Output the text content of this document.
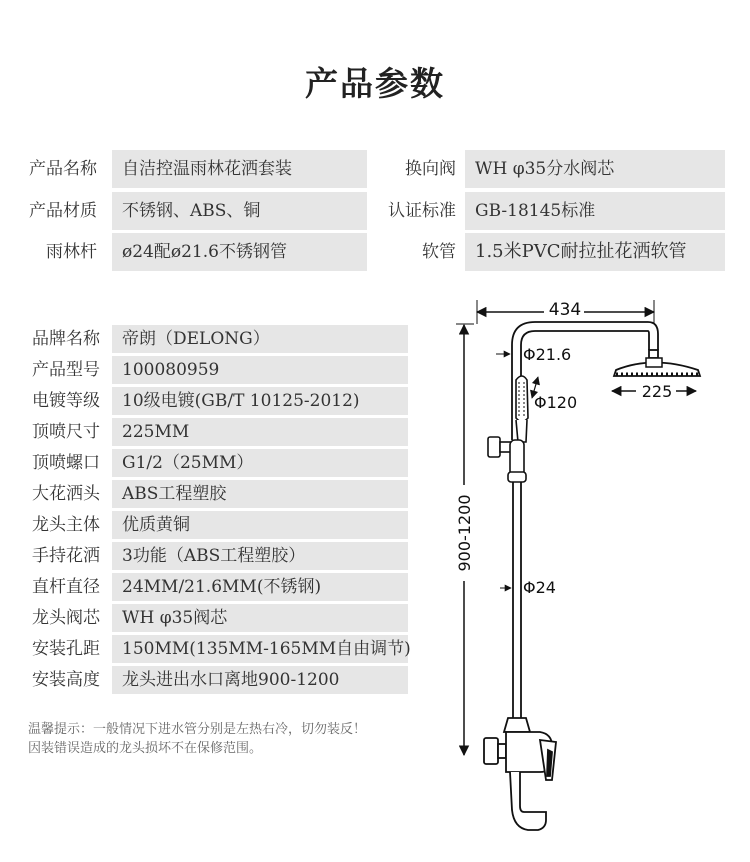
产品参数
产品名称	自洁控温雨林花洒套装	换向阀	WH φ35分水阀芯
产品材质	不锈钢、ABS、铜	认证标准	GB-18145标准
雨林杆	ø24配ø21.6不锈钢管	软管	1.5米PVC耐拉扯花洒软管
品牌名称	帝朗（DELONG）
产品型号	100080959
电镀等级	10级电镀(GB/T 10125-2012)
顶喷尺寸	225MM
顶喷螺口	G1/2（25MM）
大花洒头	ABS工程塑胶
龙头主体	优质黄铜
手持花洒	3功能（ABS工程塑胶）
直杆直径	24MM/21.6MM(不锈钢)
龙头阀芯	WH φ35阀芯
安装孔距	150MM(135MM-165MM自由调节)
安装高度	龙头进出水口离地900-1200
温馨提示：一般情况下进水管分别是左热右冷，切勿装反！
因装错误造成的龙头损坏不在保修范围。
434
900-1200
Φ21.6
225
Φ120
Φ24
